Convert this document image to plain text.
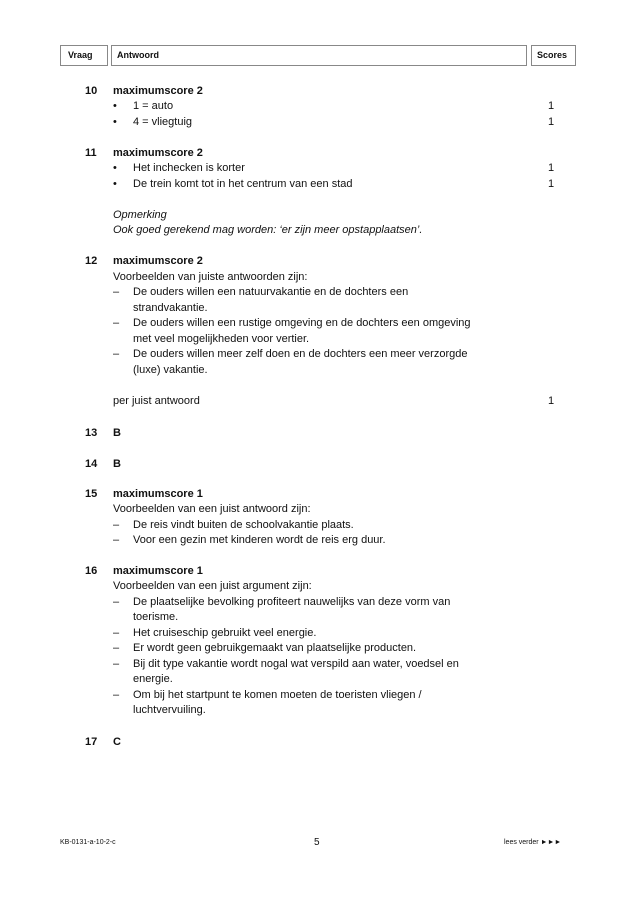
Vraag	Antwoord	Scores
10 maximumscore 2
•	1 = auto	1
•	4 = vliegtuig	1
11 maximumscore 2
•	Het inchecken is korter	1
•	De trein komt tot in het centrum van een stad	1
Opmerking
Ook goed gerekend mag worden: ‘er zijn meer opstapplaatsen’.
12 maximumscore 2
Voorbeelden van juiste antwoorden zijn:
–	De ouders willen een natuurvakantie en de dochters een
strandvakantie.
–	De ouders willen een rustige omgeving en de dochters een omgeving
met veel mogelijkheden voor vertier.
–	De ouders willen meer zelf doen en de dochters een meer verzorgde
(luxe) vakantie.
per juist antwoord	1
13 B
14 B
15 maximumscore 1
Voorbeelden van een juist antwoord zijn:
–	De reis vindt buiten de schoolvakantie plaats.
–	Voor een gezin met kinderen wordt de reis erg duur.
16 maximumscore 1
Voorbeelden van een juist argument zijn:
–	De plaatselijke bevolking profiteert nauwelijks van deze vorm van
toerisme.
–	Het cruiseschip gebruikt veel energie.
–	Er wordt geen gebruikgemaakt van plaatselijke producten.
–	Bij dit type vakantie wordt nogal wat verspild aan water, voedsel en
energie.
–	Om bij het startpunt te komen moeten de toeristen vliegen /
luchtvervuiling.
17 C
KB-0131-a-10-2-c	5	lees verder ►►►
